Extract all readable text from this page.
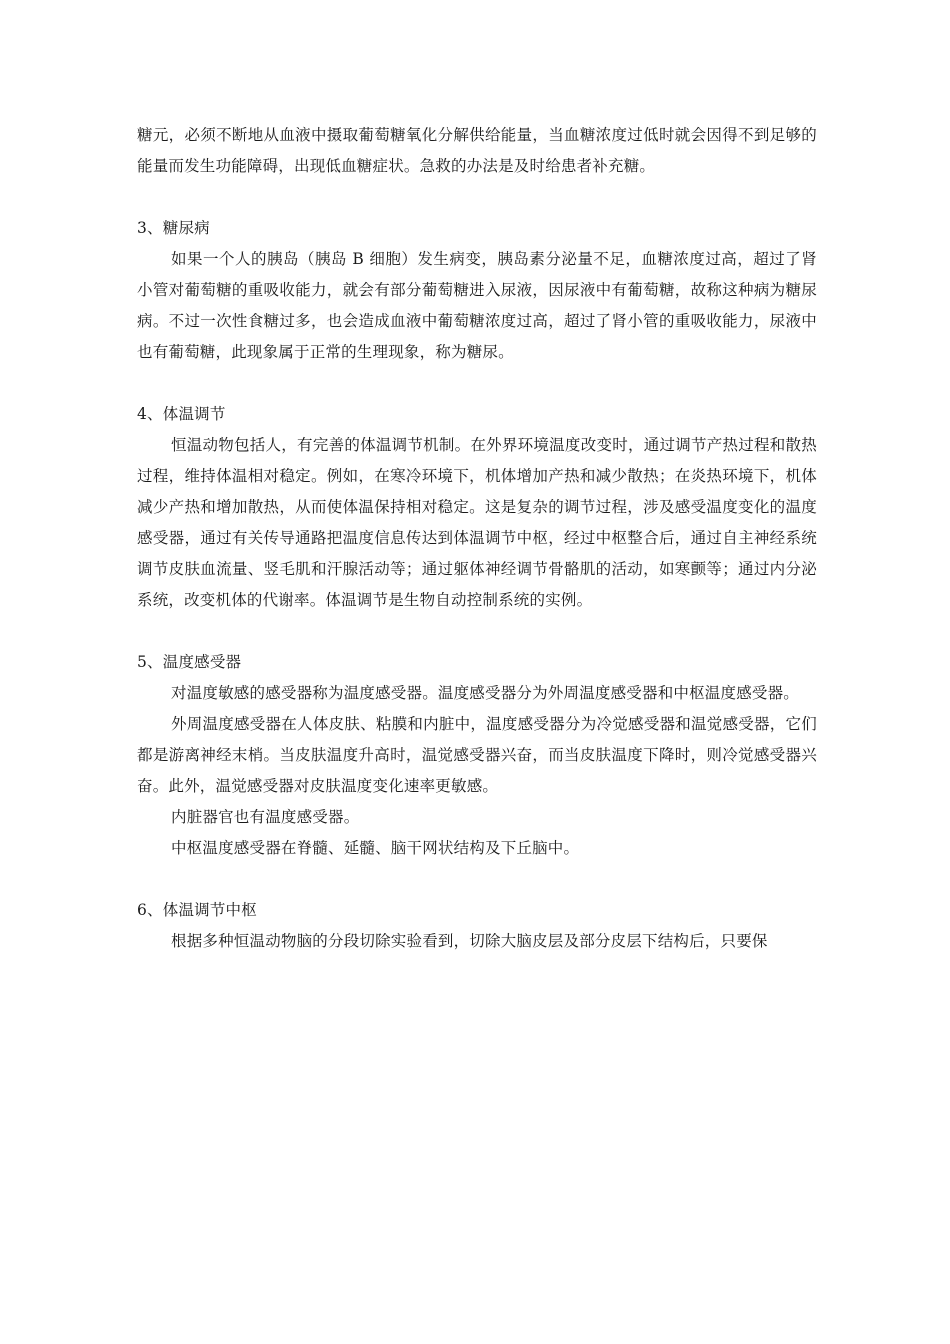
糖元，必须不断地从血液中摄取葡萄糖氧化分解供给能量，当血糖浓度过低时就会因得不到足够的能量而发生功能障碍，出现低血糖症状。急救的办法是及时给患者补充糖。

3、糖尿病

如果一个人的胰岛（胰岛 B 细胞）发生病变，胰岛素分泌量不足，血糖浓度过高，超过了肾小管对葡萄糖的重吸收能力，就会有部分葡萄糖进入尿液，因尿液中有葡萄糖，故称这种病为糖尿病。不过一次性食糖过多，也会造成血液中葡萄糖浓度过高，超过了肾小管的重吸收能力，尿液中也有葡萄糖，此现象属于正常的生理现象，称为糖尿。

4、体温调节

恒温动物包括人，有完善的体温调节机制。在外界环境温度改变时，通过调节产热过程和散热过程，维持体温相对稳定。例如，在寒冷环境下，机体增加产热和减少散热；在炎热环境下，机体减少产热和增加散热，从而使体温保持相对稳定。这是复杂的调节过程，涉及感受温度变化的温度感受器，通过有关传导通路把温度信息传达到体温调节中枢，经过中枢整合后，通过自主神经系统调节皮肤血流量、竖毛肌和汗腺活动等；通过躯体神经调节骨骼肌的活动，如寒颤等；通过内分泌系统，改变机体的代谢率。体温调节是生物自动控制系统的实例。

5、温度感受器

对温度敏感的感受器称为温度感受器。温度感受器分为外周温度感受器和中枢温度感受器。

外周温度感受器在人体皮肤、粘膜和内脏中，温度感受器分为冷觉感受器和温觉感受器，它们都是游离神经末梢。当皮肤温度升高时，温觉感受器兴奋，而当皮肤温度下降时，则冷觉感受器兴奋。此外，温觉感受器对皮肤温度变化速率更敏感。

内脏器官也有温度感受器。

中枢温度感受器在脊髓、延髓、脑干网状结构及下丘脑中。

6、体温调节中枢

根据多种恒温动物脑的分段切除实验看到，切除大脑皮层及部分皮层下结构后，只要保
